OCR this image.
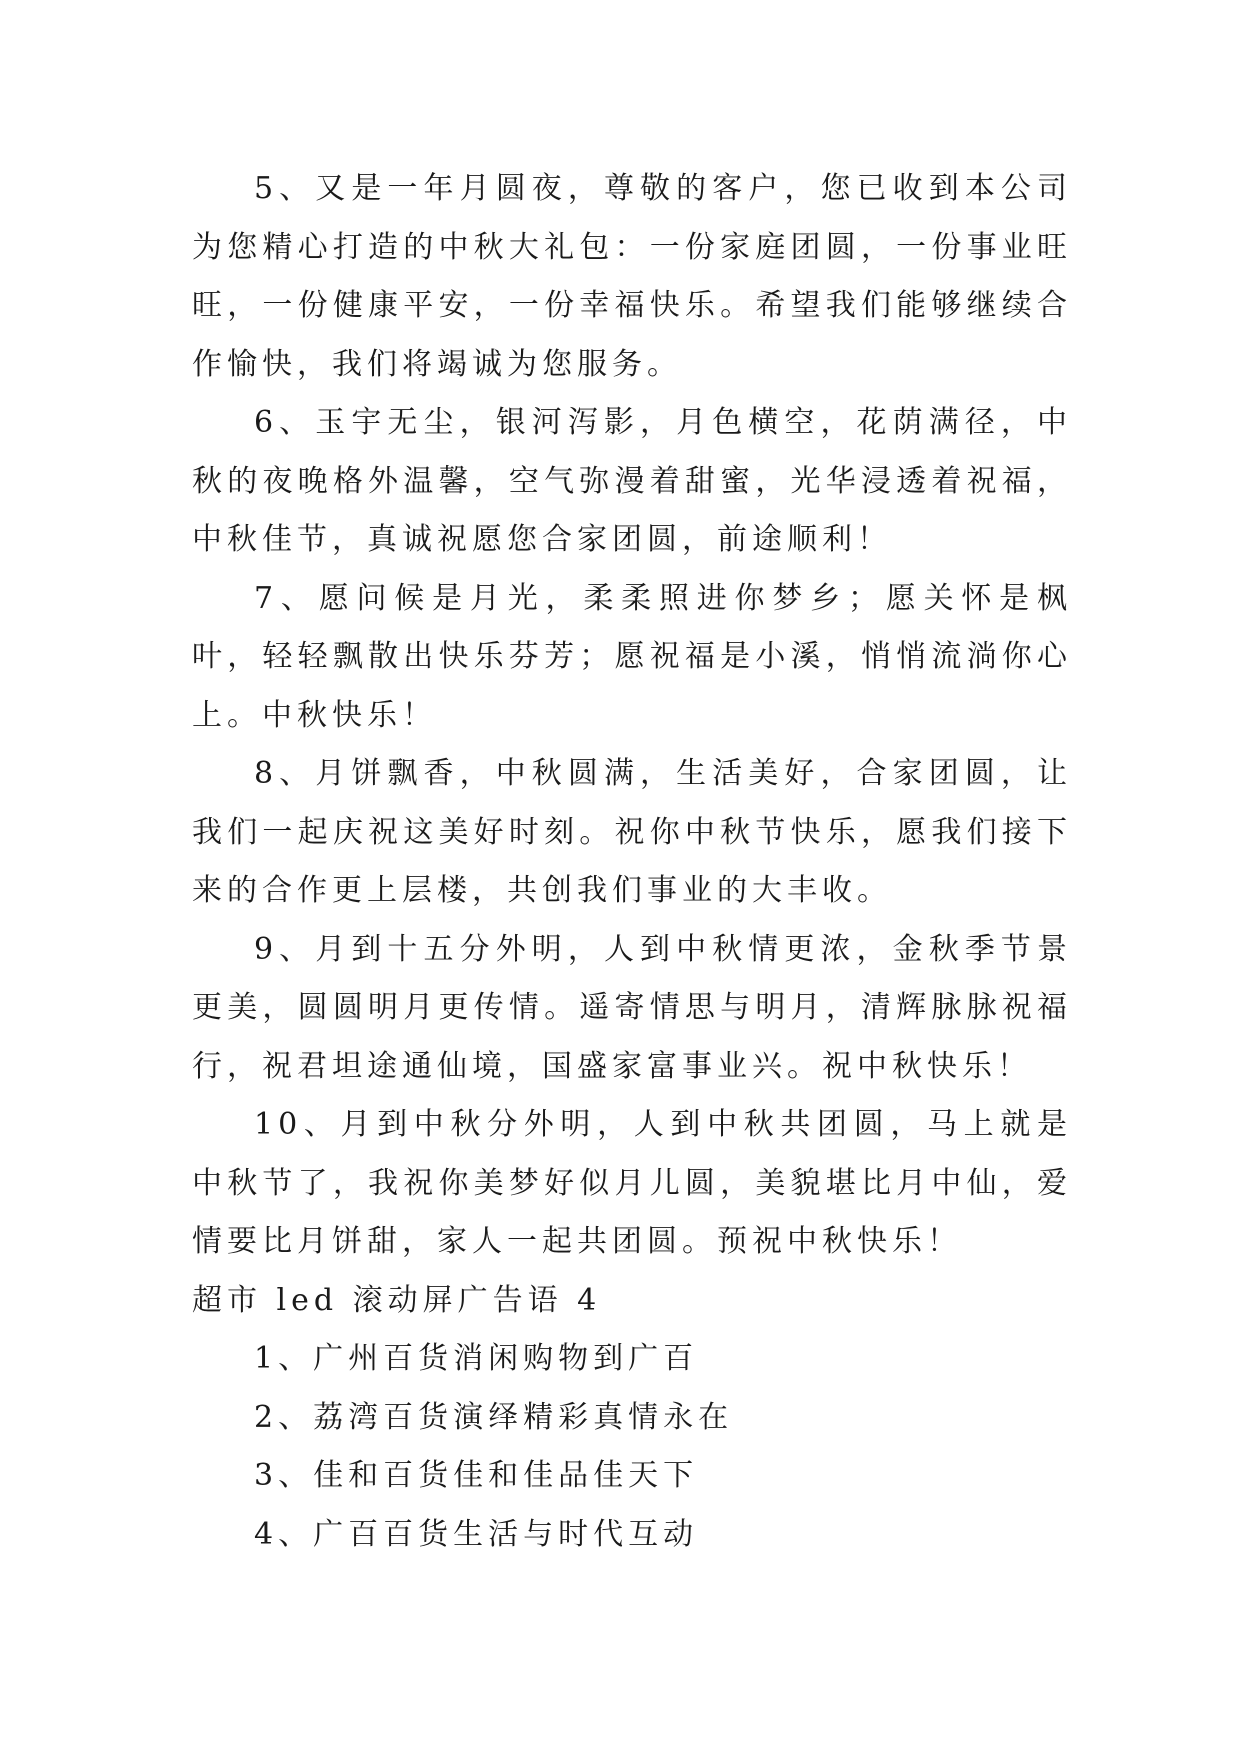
5、又是一年月圆夜，尊敬的客户，您已收到本公司为您精心打造的中秋大礼包：一份家庭团圆，一份事业旺旺，一份健康平安，一份幸福快乐。希望我们能够继续合作愉快，我们将竭诚为您服务。

6、玉宇无尘，银河泻影，月色横空，花荫满径，中秋的夜晚格外温馨，空气弥漫着甜蜜，光华浸透着祝福，中秋佳节，真诚祝愿您合家团圆，前途顺利！

7、愿问候是月光，柔柔照进你梦乡；愿关怀是枫叶，轻轻飘散出快乐芬芳；愿祝福是小溪，悄悄流淌你心上。中秋快乐！

8、月饼飘香，中秋圆满，生活美好，合家团圆，让我们一起庆祝这美好时刻。祝你中秋节快乐，愿我们接下来的合作更上层楼，共创我们事业的大丰收。

9、月到十五分外明，人到中秋情更浓，金秋季节景更美，圆圆明月更传情。遥寄情思与明月，清辉脉脉祝福行，祝君坦途通仙境，国盛家富事业兴。祝中秋快乐！

10、月到中秋分外明，人到中秋共团圆，马上就是中秋节了，我祝你美梦好似月儿圆，美貌堪比月中仙，爱情要比月饼甜，家人一起共团圆。预祝中秋快乐！

超市 led 滚动屏广告语 4

1、广州百货消闲购物到广百

2、荔湾百货演绎精彩真情永在

3、佳和百货佳和佳品佳天下

4、广百百货生活与时代互动
